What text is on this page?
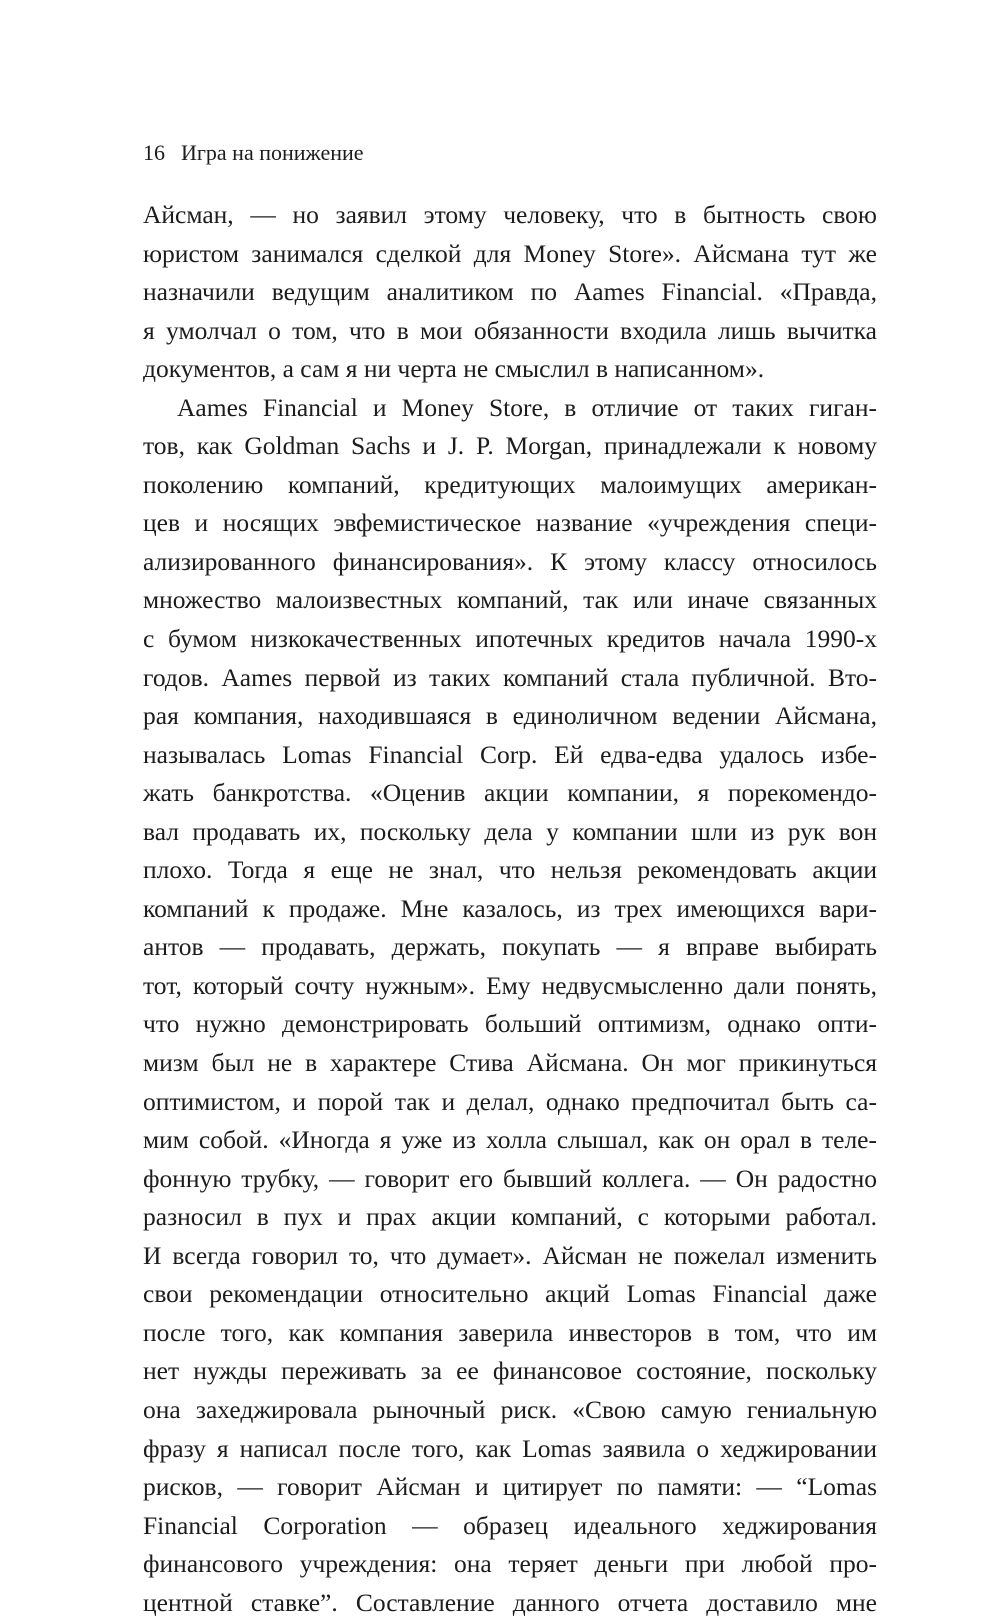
16 Игра на понижение
Айсман, — но заявил этому человеку, что в бытность свою
юристом занимался сделкой для Money Store». Айсмана тут же
назначили ведущим аналитиком по Aames Financial. «Правда,
я умолчал о том, что в мои обязанности входила лишь вычитка
документов, а сам я ни черта не смыслил в написанном».
Aames Financial и Money Store, в отличие от таких гиган-
тов, как Goldman Sachs и J. P. Morgan, принадлежали к новому
поколению компаний, кредитующих малоимущих американ-
цев и носящих эвфемистическое название «учреждения специ-
ализированного финансирования». К этому классу относилось
множество малоизвестных компаний, так или иначе связанных
с бумом низкокачественных ипотечных кредитов начала 1990-х
годов. Aames первой из таких компаний стала публичной. Вто-
рая компания, находившаяся в единоличном ведении Айсмана,
называлась Lomas Financial Corp. Ей едва-едва удалось избе-
жать банкротства. «Оценив акции компании, я порекомендо-
вал продавать их, поскольку дела у компании шли из рук вон
плохо. Тогда я еще не знал, что нельзя рекомендовать акции
компаний к продаже. Мне казалось, из трех имеющихся вари-
антов — продавать, держать, покупать — я вправе выбирать
тот, который сочту нужным». Ему недвусмысленно дали понять,
что нужно демонстрировать больший оптимизм, однако опти-
мизм был не в характере Стива Айсмана. Он мог прикинуться
оптимистом, и порой так и делал, однако предпочитал быть са-
мим собой. «Иногда я уже из холла слышал, как он орал в теле-
фонную трубку, — говорит его бывший коллега. — Он радостно
разносил в пух и прах акции компаний, с которыми работал.
И всегда говорил то, что думает». Айсман не пожелал изменить
свои рекомендации относительно акций Lomas Financial даже
после того, как компания заверила инвесторов в том, что им
нет нужды переживать за ее финансовое состояние, поскольку
она захеджировала рыночный риск. «Свою самую гениальную
фразу я написал после того, как Lomas заявила о хеджировании
рисков, — говорит Айсман и цитирует по памяти: — “Lomas
Financial Corporation — образец идеального хеджирования
финансового учреждения: она теряет деньги при любой про-
центной ставке”. Составление данного отчета доставило мне
